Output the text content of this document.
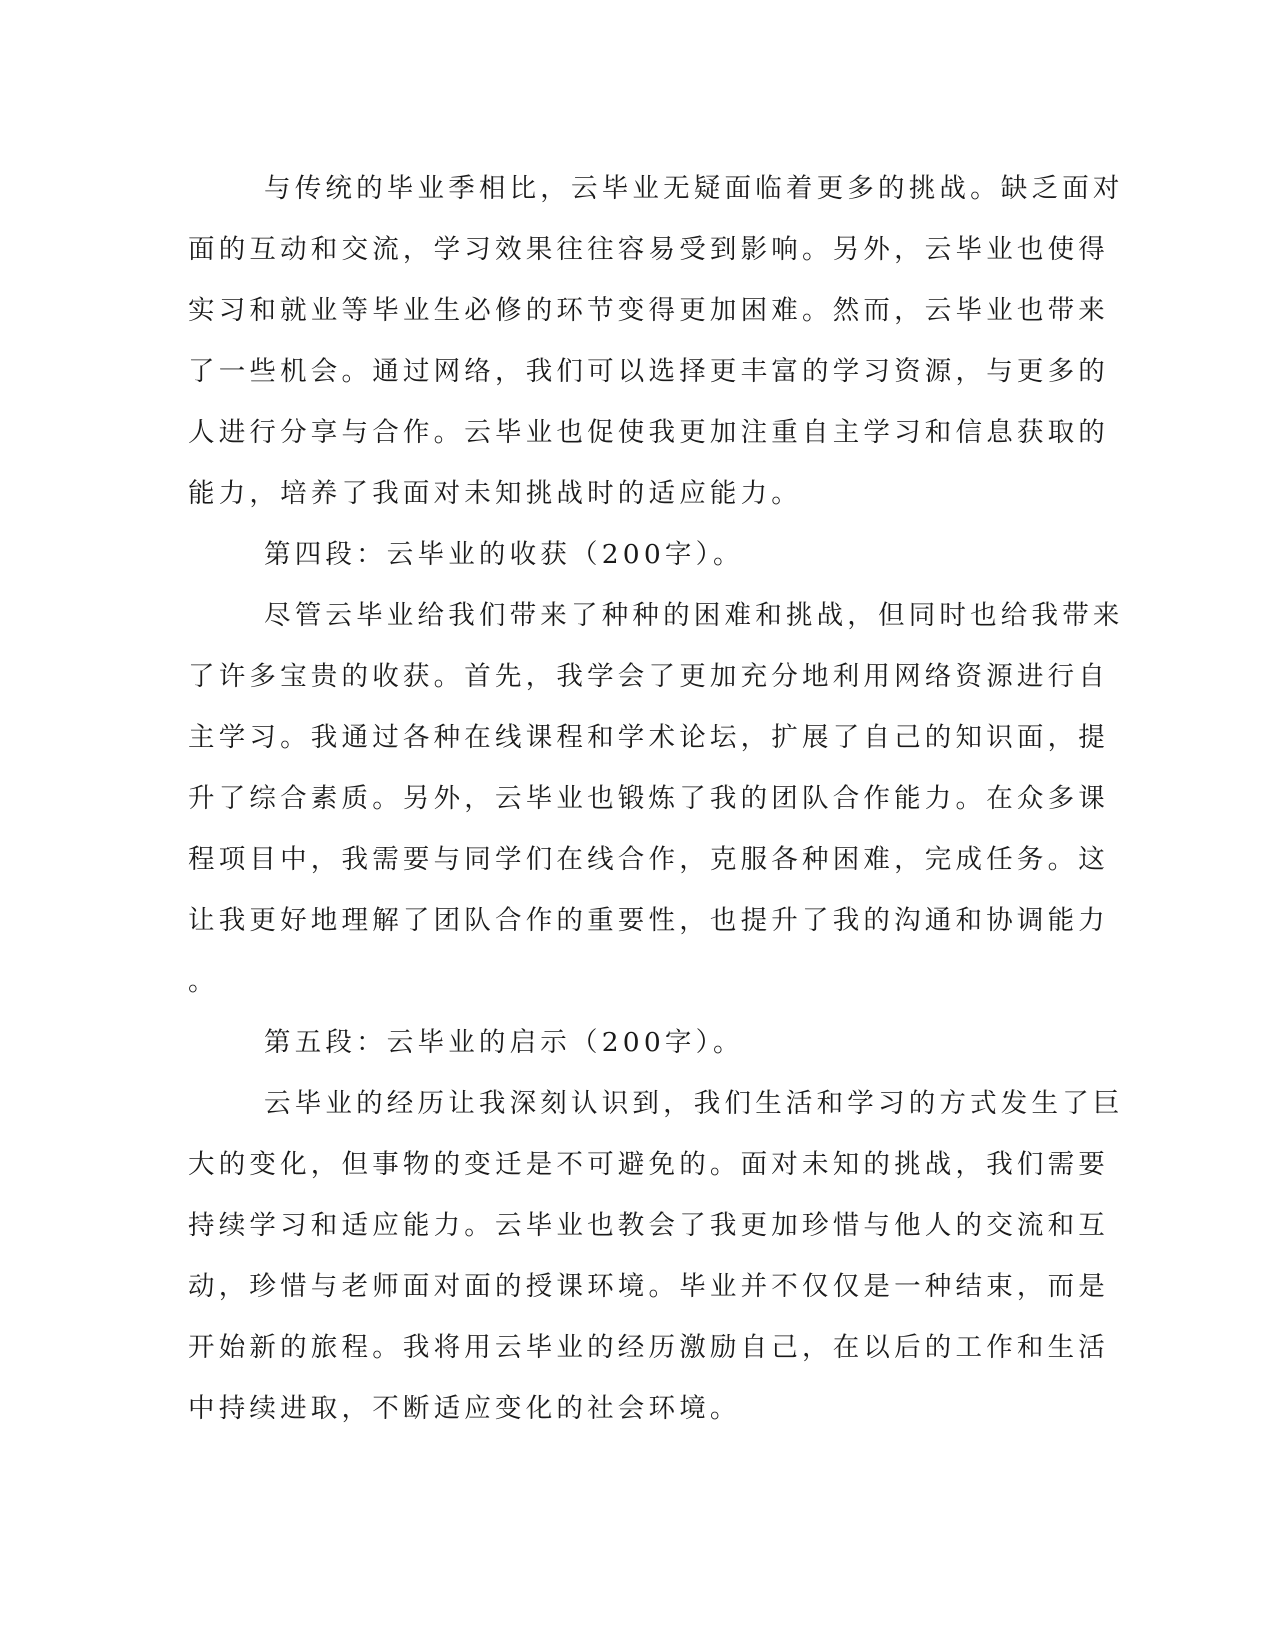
与传统的毕业季相比，云毕业无疑面临着更多的挑战。缺乏面对
面的互动和交流，学习效果往往容易受到影响。另外，云毕业也使得
实习和就业等毕业生必修的环节变得更加困难。然而，云毕业也带来
了一些机会。通过网络，我们可以选择更丰富的学习资源，与更多的
人进行分享与合作。云毕业也促使我更加注重自主学习和信息获取的
能力，培养了我面对未知挑战时的适应能力。
第四段：云毕业的收获（200字）。
尽管云毕业给我们带来了种种的困难和挑战，但同时也给我带来
了许多宝贵的收获。首先，我学会了更加充分地利用网络资源进行自
主学习。我通过各种在线课程和学术论坛，扩展了自己的知识面，提
升了综合素质。另外，云毕业也锻炼了我的团队合作能力。在众多课
程项目中，我需要与同学们在线合作，克服各种困难，完成任务。这
让我更好地理解了团队合作的重要性，也提升了我的沟通和协调能力
。
第五段：云毕业的启示（200字）。
云毕业的经历让我深刻认识到，我们生活和学习的方式发生了巨
大的变化，但事物的变迁是不可避免的。面对未知的挑战，我们需要
持续学习和适应能力。云毕业也教会了我更加珍惜与他人的交流和互
动，珍惜与老师面对面的授课环境。毕业并不仅仅是一种结束，而是
开始新的旅程。我将用云毕业的经历激励自己，在以后的工作和生活
中持续进取，不断适应变化的社会环境。
